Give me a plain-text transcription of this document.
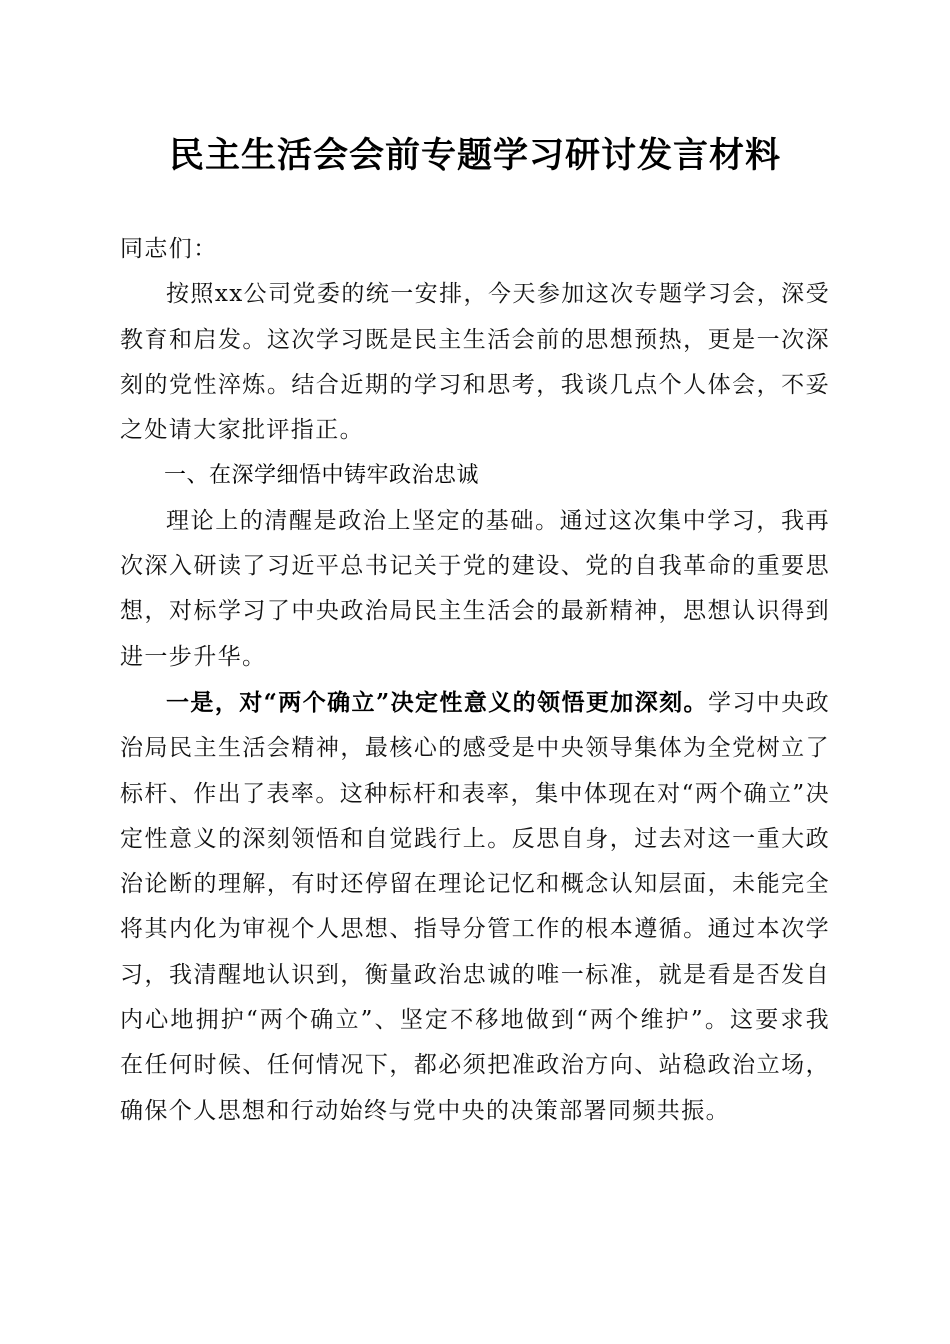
民主生活会会前专题学习研讨发言材料

同志们：

按照xx公司党委的统一安排，今天参加这次专题学习会，深受教育和启发。这次学习既是民主生活会前的思想预热，更是一次深刻的党性淬炼。结合近期的学习和思考，我谈几点个人体会，不妥之处请大家批评指正。

一、在深学细悟中铸牢政治忠诚

理论上的清醒是政治上坚定的基础。通过这次集中学习，我再次深入研读了习近平总书记关于党的建设、党的自我革命的重要思想，对标学习了中央政治局民主生活会的最新精神，思想认识得到进一步升华。

一是，对“两个确立”决定性意义的领悟更加深刻。学习中央政治局民主生活会精神，最核心的感受是中央领导集体为全党树立了标杆、作出了表率。这种标杆和表率，集中体现在对“两个确立”决定性意义的深刻领悟和自觉践行上。反思自身，过去对这一重大政治论断的理解，有时还停留在理论记忆和概念认知层面，未能完全将其内化为审视个人思想、指导分管工作的根本遵循。通过本次学习，我清醒地认识到，衡量政治忠诚的唯一标准，就是看是否发自内心地拥护“两个确立”、坚定不移地做到“两个维护”。这要求我在任何时候、任何情况下，都必须把准政治方向、站稳政治立场，确保个人思想和行动始终与党中央的决策部署同频共振。
